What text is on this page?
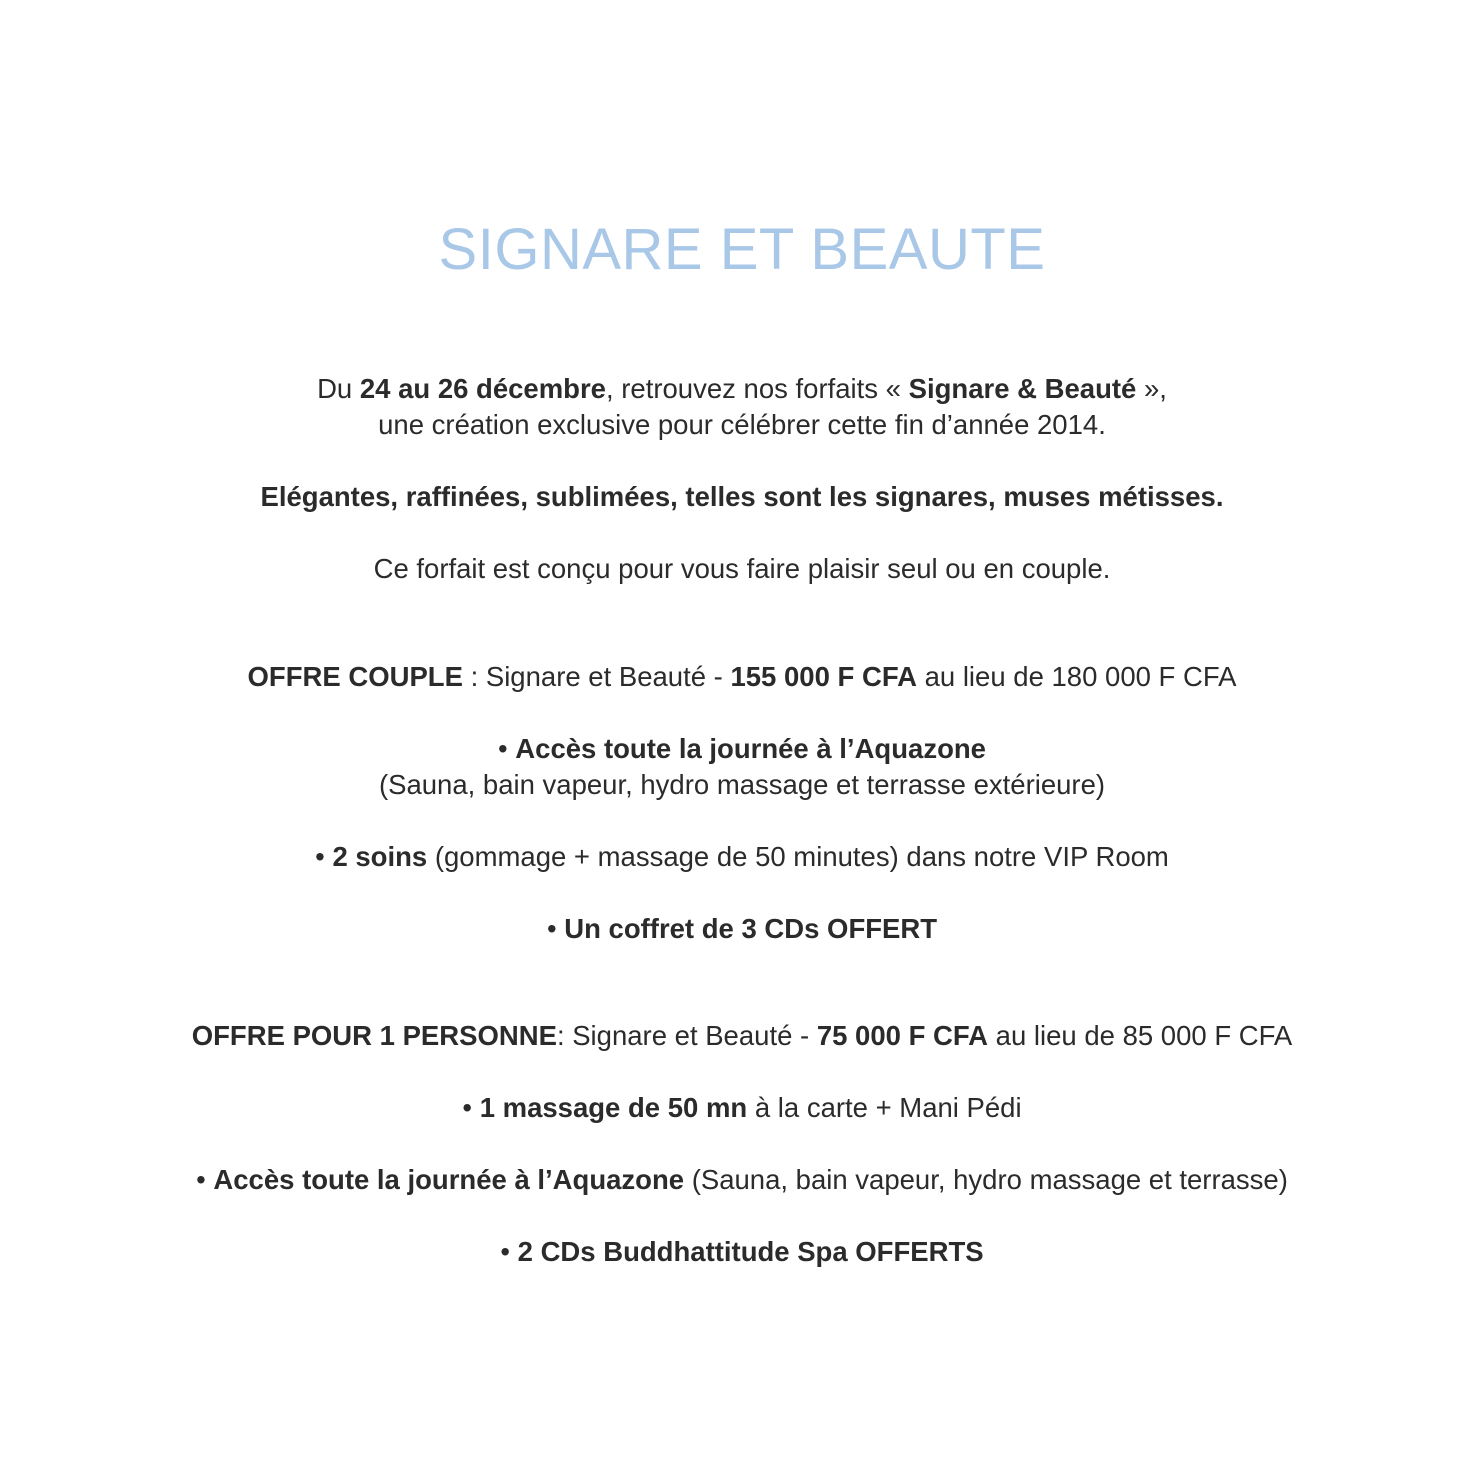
SIGNARE ET BEAUTE
Du 24 au 26 décembre, retrouvez nos forfaits « Signare & Beauté »,
une création exclusive pour célébrer cette fin d’année 2014.
Elégantes, raffinées, sublimées, telles sont les signares, muses métisses.
Ce forfait est conçu pour vous faire plaisir seul ou en couple.
OFFRE COUPLE : Signare et Beauté - 155 000 F CFA au lieu de 180 000 F CFA
• Accès toute la journée à l’Aquazone
(Sauna, bain vapeur, hydro massage et terrasse extérieure)
• 2 soins (gommage + massage de 50 minutes) dans notre VIP Room
• Un coffret de 3 CDs OFFERT
OFFRE POUR 1 PERSONNE: Signare et Beauté - 75 000 F CFA au lieu de 85 000 F CFA
• 1 massage de 50 mn à la carte + Mani Pédi
• Accès toute la journée à l’Aquazone (Sauna, bain vapeur, hydro massage et terrasse)
• 2 CDs Buddhattitude Spa OFFERTS
